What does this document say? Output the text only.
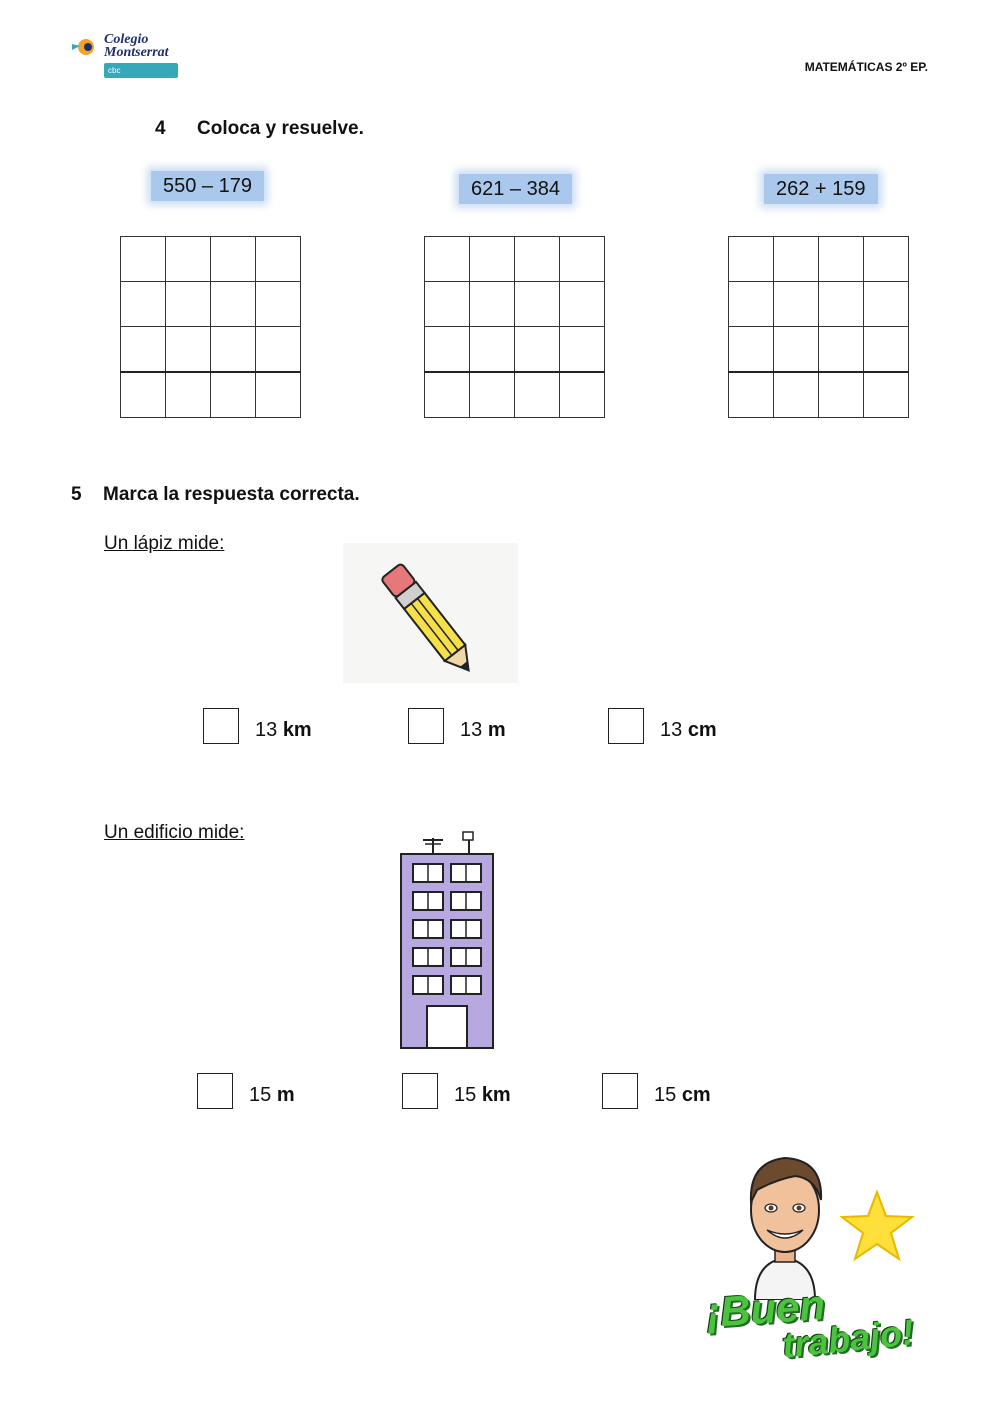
Colegio
Montserrat
cbc	MATEMÁTICAS 2º EP.
4 Coloca y resuelve.
550 – 179	621 – 384	262 + 159

5 Marca la respuesta correcta.
Un lápiz mide:
13 km	13 m	13 cm
Un edificio mide:
15 m	15 km	15 cm
¡Buen
trabajo!
